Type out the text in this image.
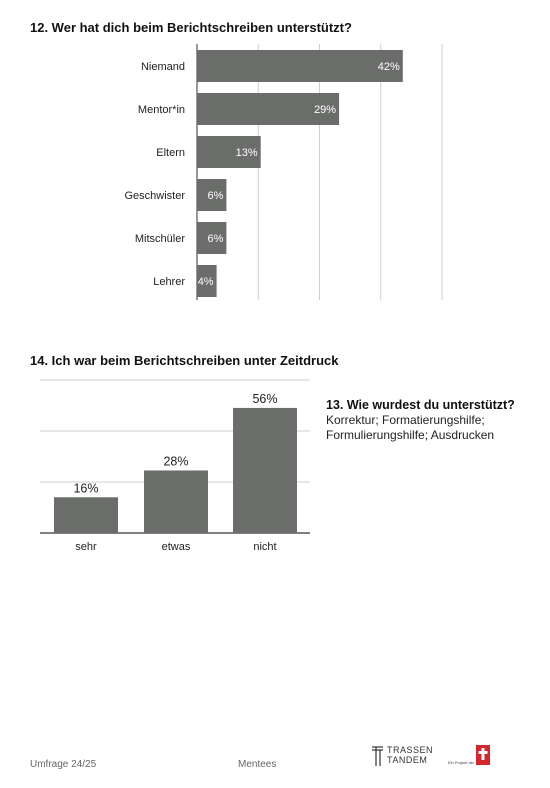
12. Wer hat dich beim Berichtschreiben unterstützt?
Niemand	42%
Mentor*in	29%
Eltern	13%
Geschwister 6%
Mitschüler 6%
Lehrer 4%
14. Ich war beim Berichtschreiben unter Zeitdruck
16%
sehr
28%
etwas
56%
nicht
13. Wie wurdest du unterstützt?
Korrektur; Formatierungshilfe; Formulierungshilfe; Ausdrucken
Umfrage 24/25	Mentees
TRASSEN
TANDEM	Ein Projekt der
